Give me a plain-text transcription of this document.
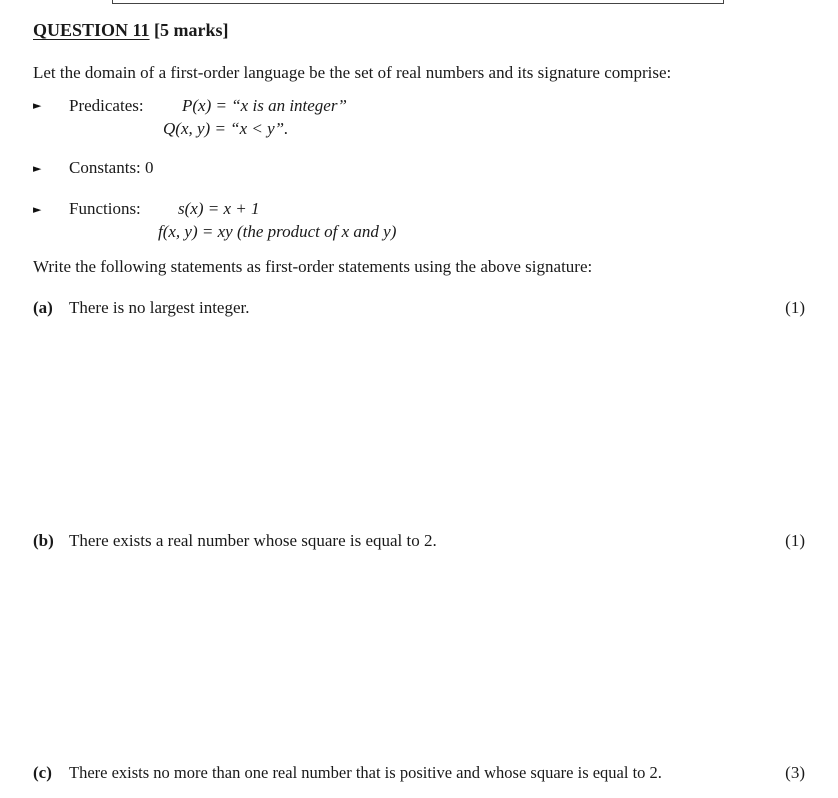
QUESTION 11 [5 marks]
Let the domain of a first-order language be the set of real numbers and its signature comprise:
► Predicates: P(x) = “x is an integer”
Q(x, y) = “x < y”.
► Constants: 0
► Functions: s(x) = x + 1
f(x, y) = xy (the product of x and y)
Write the following statements as first-order statements using the above signature:
(a) There is no largest integer.	(1)
(b) There exists a real number whose square is equal to 2.	(1)
(c) There exists no more than one real number that is positive and whose square is equal to 2.	(3)
